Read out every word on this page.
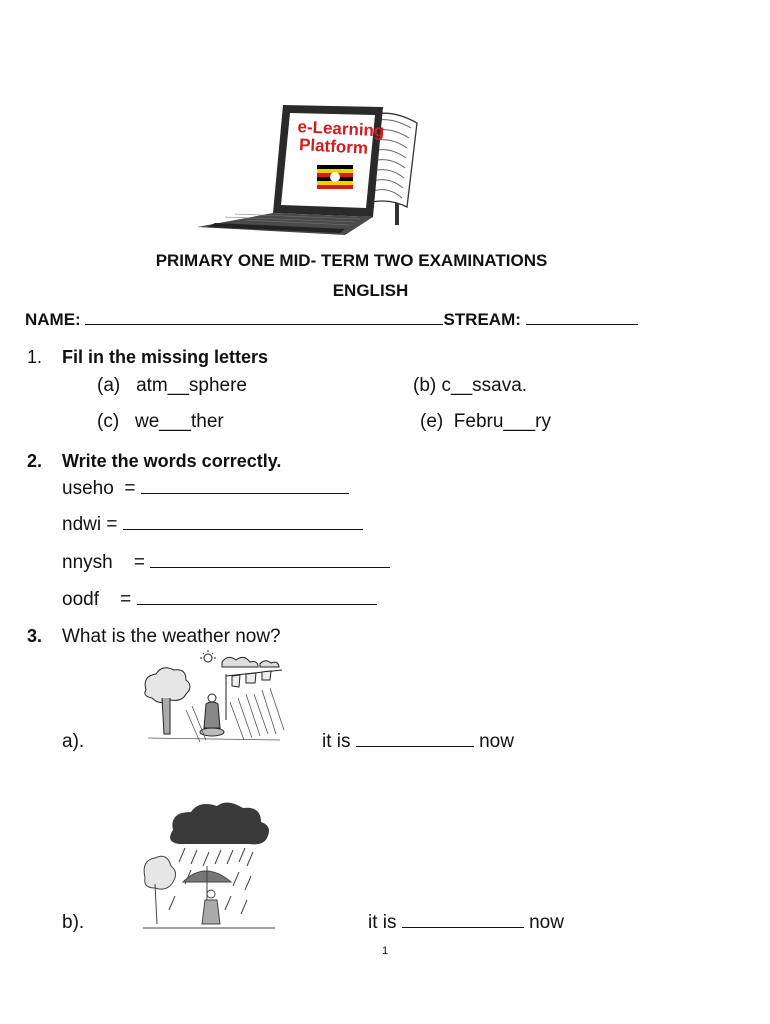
e-Learning
Platform
PRIMARY ONE MID- TERM TWO EXAMINATIONS
ENGLISH
NAME:	STREAM:
1. Fil in the missing letters
(a) atm__sphere	(b) c__ssava.
(c) we___ther	(e) Febru___ry
2. Write the words correctly.
useho =
ndwi =
nnysh =
oodf =
3. What is the weather now?
a).	it is	now
b).	it is	now
1
